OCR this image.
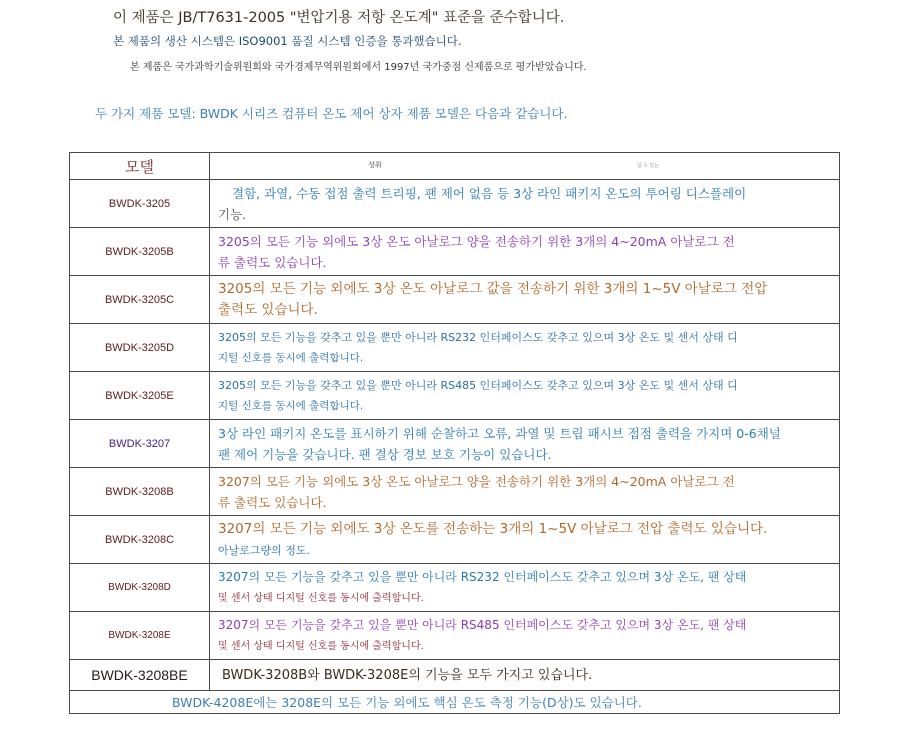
이 제품은 JB/T7631-2005 "변압기용 저항 온도계" 표준을 준수합니다.
본 제품의 생산 시스템은 ISO9001 품질 시스템 인증을 통과했습니다.
본 제품은 국가과학기술위원회와 국가경제무역위원회에서 1997년 국가중점 신제품으로 평가받았습니다.
두 가지 제품 모델: BWDK 시리즈 컴퓨터 온도 제어 상자 제품 모델은 다음과 같습니다.
모델	성취 설 수 있는
BWDK-3205	결함, 과열, 수동 접점 출력 트리핑, 팬 제어 없음 등 3상 라인 패키지 온도의 투어링 디스플레이
기능.

BWDK-3205B	3205의 모든 기능 외에도 3상 온도 아날로그 양을 전송하기 위한 3개의 4~20mA 아날로그 전
류 출력도 있습니다.

BWDK-3205C	3205의 모든 기능 외에도 3상 온도 아날로그 값을 전송하기 위한 3개의 1~5V 아날로그 전압
출력도 있습니다.

BWDK-3205D	3205의 모든 기능을 갖추고 있을 뿐만 아니라 RS232 인터페이스도 갖추고 있으며 3상 온도 및 센서 상태 디
지털 신호를 동시에 출력합니다.

BWDK-3205E	3205의 모든 기능을 갖추고 있을 뿐만 아니라 RS485 인터페이스도 갖추고 있으며 3상 온도 및 센서 상태 디
지털 신호를 동시에 출력합니다.

BWDK-3207	3상 라인 패키지 온도를 표시하기 위해 순찰하고 오류, 과열 및 트립 패시브 접점 출력을 가지며 0-6채널
팬 제어 기능을 갖습니다. 팬 결상 경보 보호 기능이 있습니다.

BWDK-3208B	3207의 모든 기능 외에도 3상 온도 아날로그 양을 전송하기 위한 3개의 4~20mA 아날로그 전
류 출력도 있습니다.

BWDK-3208C	3207의 모든 기능 외에도 3상 온도를 전송하는 3개의 1~5V 아날로그 전압 출력도 있습니다.
아날로그량의 정도.

BWDK-3208D	3207의 모든 기능을 갖추고 있을 뿐만 아니라 RS232 인터페이스도 갖추고 있으며 3상 온도, 팬 상태
및 센서 상태 디지털 신호를 동시에 출력합니다.

BWDK-3208E	3207의 모든 기능을 갖추고 있을 뿐만 아니라 RS485 인터페이스도 갖추고 있으며 3상 온도, 팬 상태
및 센서 상태 디지털 신호를 동시에 출력합니다.

BWDK-3208BE	BWDK-3208B와 BWDK-3208E의 기능을 모두 가지고 있습니다.

BWDK-4208E에는 3208E의 모든 기능 외에도 핵심 온도 측정 기능(D상)도 있습니다.	
